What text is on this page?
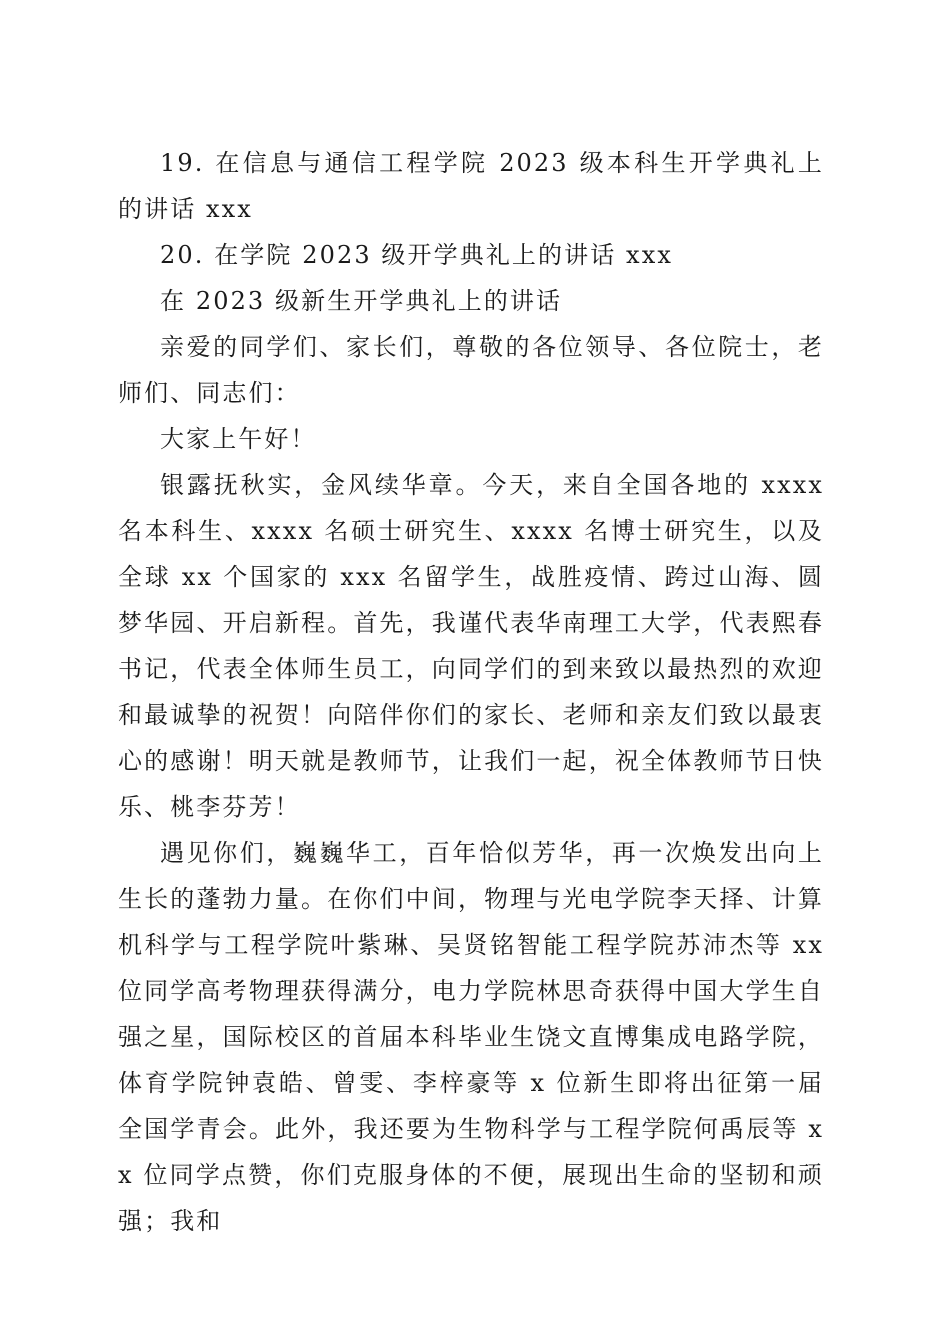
19. 在信息与通信工程学院 2023 级本科生开学典礼上的讲话 xxx

20. 在学院 2023 级开学典礼上的讲话 xxx

在 2023 级新生开学典礼上的讲话

亲爱的同学们、家长们，尊敬的各位领导、各位院士，老师们、同志们：

大家上午好！

银露抚秋实，金风续华章。今天，来自全国各地的 xxxx 名本科生、xxxx 名硕士研究生、xxxx 名博士研究生，以及全球 xx 个国家的 xxx 名留学生，战胜疫情、跨过山海、圆梦华园、开启新程。首先，我谨代表华南理工大学，代表熙春书记，代表全体师生员工，向同学们的到来致以最热烈的欢迎和最诚挚的祝贺！向陪伴你们的家长、老师和亲友们致以最衷心的感谢！明天就是教师节，让我们一起，祝全体教师节日快乐、桃李芬芳！

遇见你们，巍巍华工，百年恰似芳华，再一次焕发出向上生长的蓬勃力量。在你们中间，物理与光电学院李天择、计算机科学与工程学院叶紫琳、吴贤铭智能工程学院苏沛杰等 xx 位同学高考物理获得满分，电力学院林思奇获得中国大学生自强之星，国际校区的首届本科毕业生饶文直博集成电路学院，体育学院钟袁皓、曾雯、李梓豪等 x 位新生即将出征第一届全国学青会。此外，我还要为生物科学与工程学院何禹辰等 xx 位同学点赞，你们克服身体的不便，展现出生命的坚韧和顽强；我和
